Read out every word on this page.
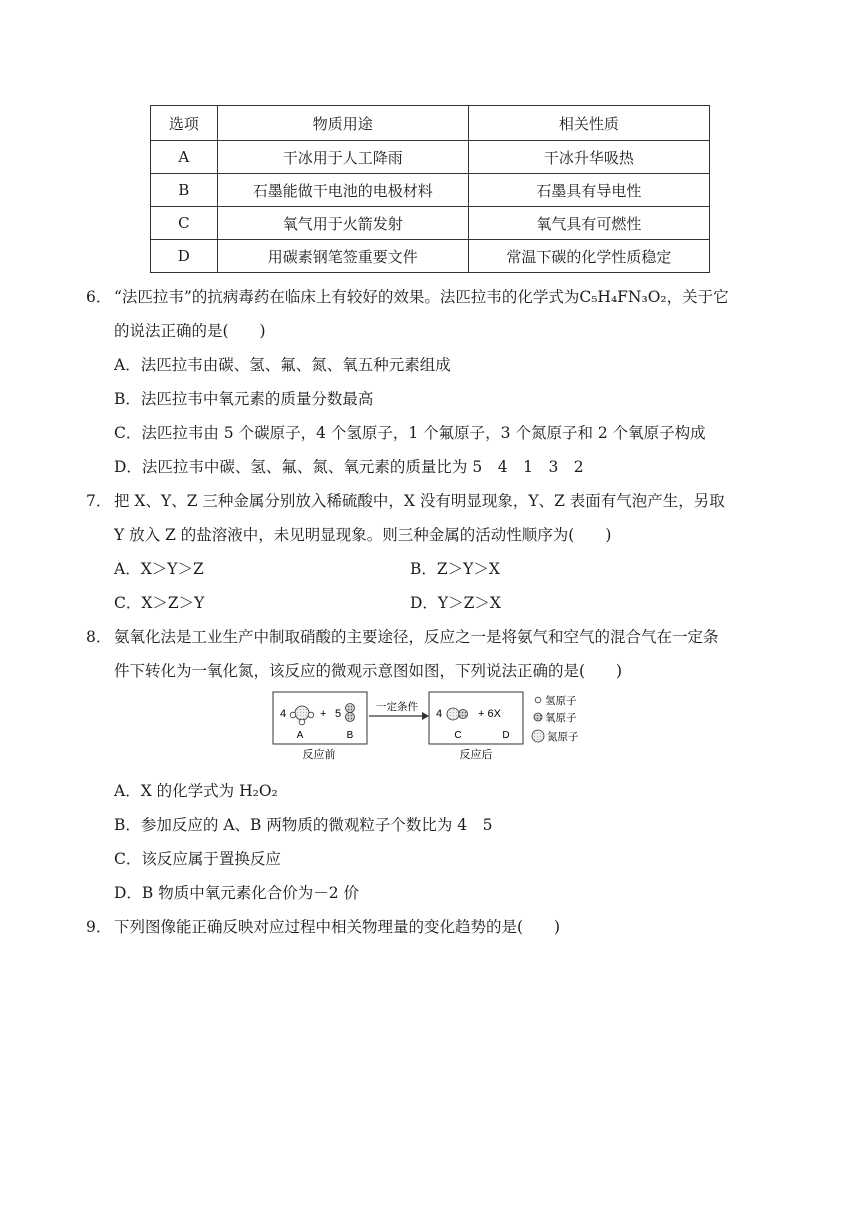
选项	物质用途	相关性质
A	干冰用于人工降雨	干冰升华吸热
B	石墨能做干电池的电极材料	石墨具有导电性
C	氧气用于火箭发射	氧气具有可燃性
D	用碳素钢笔签重要文件	常温下碳的化学性质稳定
6． “法匹拉韦”的抗病毒药在临床上有较好的效果。法匹拉韦的化学式为C₅H₄FN₃O₂，关于它
的说法正确的是(　　)
A．法匹拉韦由碳、氢、氟、氮、氧五种元素组成
B．法匹拉韦中氧元素的质量分数最高
C．法匹拉韦由 5 个碳原子，4 个氢原子，1 个氟原子，3 个氮原子和 2 个氧原子构成
D．法匹拉韦中碳、氢、氟、氮、氧元素的质量比为 5　4　1　3　2
7． 把 X、Y、Z 三种金属分别放入稀硫酸中，X 没有明显现象，Y、Z 表面有气泡产生，另取
Y 放入 Z 的盐溶液中，未见明显现象。则三种金属的活动性顺序为(　　)
A．X＞Y＞Z	B．Z＞Y＞X
C．X＞Z＞Y	D．Y＞Z＞X
8． 氨氧化法是工业生产中制取硝酸的主要途径，反应之一是将氨气和空气的混合气在一定条
件下转化为一氧化氮，该反应的微观示意图如图，下列说法正确的是(　　)
4	+ 5
A	B
反应前
一定条件
4	+ 6X
C	D
反应后
氢原子
氧原子
氮原子
A．X 的化学式为 H₂O₂
B．参加反应的 A、B 两物质的微观粒子个数比为 4　5
C．该反应属于置换反应
D．B 物质中氧元素化合价为－2 价
9． 下列图像能正确反映对应过程中相关物理量的变化趋势的是(　　)
